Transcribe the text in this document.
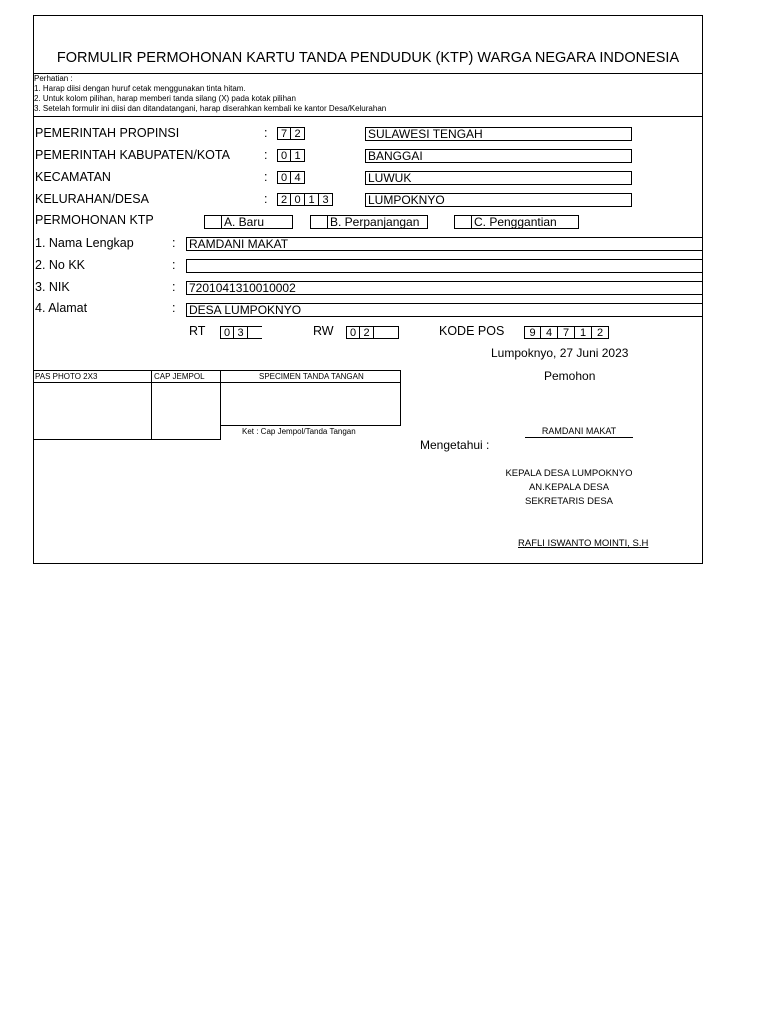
FORMULIR PERMOHONAN KARTU TANDA PENDUDUK (KTP) WARGA NEGARA INDONESIA
Perhatian :
1. Harap diisi dengan huruf cetak menggunakan tinta hitam.
2. Untuk kolom pilihan, harap memberi tanda silang (X) pada kotak pilihan
3. Setelah formulir ini diisi dan ditandatangani, harap diserahkan kembali ke kantor Desa/Kelurahan
PEMERINTAH PROPINSI	:	7 2	SULAWESI TENGAH
PEMERINTAH KABUPATEN/KOTA	:	0 1	BANGGAI
KECAMATAN	:	0 4	LUWUK
KELURAHAN/DESA	:	2 0 1 3	LUMPOKNYO
PERMOHONAN KTP	A. Baru	B. Perpanjangan	C. Penggantian
1. Nama Lengkap	: RAMDANI MAKAT
2. No KK	:
3. NIK	: 7201041310010002
4. Alamat	: DESA LUMPOKNYO
RT	0 3	RW	0 2	KODE POS	9 4 7 1 2
Lumpoknyo, 27 Juni 2023
Pemohon
PAS PHOTO 2X3	CAP JEMPOL	SPECIMEN TANDA TANGAN
Ket : Cap Jempol/Tanda Tangan	RAMDANI MAKAT
Mengetahui :
KEPALA DESA LUMPOKNYO
AN.KEPALA DESA
SEKRETARIS DESA
RAFLI ISWANTO MOINTI, S.H
